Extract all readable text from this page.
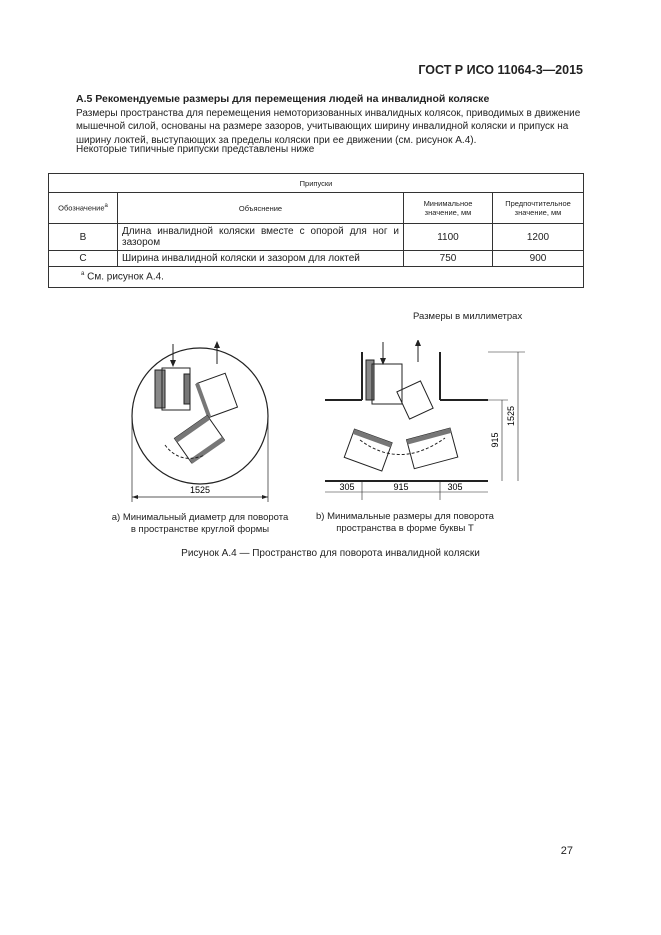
ГОСТ Р ИСО 11064-3—2015
А.5 Рекомендуемые размеры для перемещения людей на инвалидной коляске
Размеры пространства для перемещения немоторизованных инвалидных колясок, приводимых в движение мышечной силой, основаны на размере зазоров, учитывающих ширину инвалидной коляски и припуск на ширину локтей, выступающих за пределы коляски при ее движении (см. рисунок А.4).
Некоторые типичные припуски представлены ниже
Припуски			
Обозначение$^а$	Объяснение	Минимальное значение, мм	Предпочтительное значение, мм
B	Длина инвалидной коляски вместе с опорой для ног и зазором	1100	1200
C	Ширина инвалидной коляски и зазором для локтей	750	900
$^а$ См. рисунок А.4.			
Размеры в миллиметрах
1525	305	915	305
915
1525
а) Минимальный диаметр для поворота
в пространстве круглой формы
b) Минимальные размеры для поворота
пространства в форме буквы Т
Рисунок А.4 — Пространство для поворота инвалидной коляски
27
